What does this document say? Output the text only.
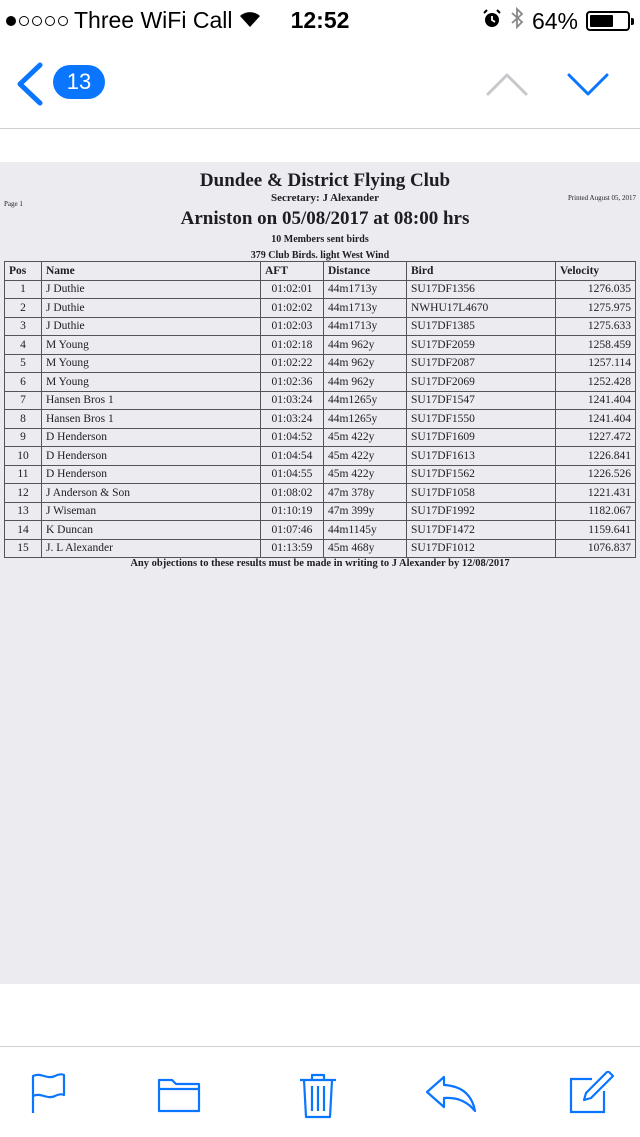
Three WiFi Call	12:52	64%
13
Page 1
Printed August 05, 2017
Dundee & District Flying Club
Secretary: J Alexander
Arniston on 05/08/2017 at 08:00 hrs
10 Members sent birds
379 Club Birds. light West Wind
Pos	Name	AFT	Distance	Bird	Velocity
1	J Duthie	01:02:01	44m1713y	SU17DF1356	1276.035
2	J Duthie	01:02:02	44m1713y	NWHU17L4670	1275.975
3	J Duthie	01:02:03	44m1713y	SU17DF1385	1275.633
4	M Young	01:02:18	44m 962y	SU17DF2059	1258.459
5	M Young	01:02:22	44m 962y	SU17DF2087	1257.114
6	M Young	01:02:36	44m 962y	SU17DF2069	1252.428
7	Hansen Bros 1	01:03:24	44m1265y	SU17DF1547	1241.404
8	Hansen Bros 1	01:03:24	44m1265y	SU17DF1550	1241.404
9	D Henderson	01:04:52	45m 422y	SU17DF1609	1227.472
10	D Henderson	01:04:54	45m 422y	SU17DF1613	1226.841
11	D Henderson	01:04:55	45m 422y	SU17DF1562	1226.526
12	J Anderson & Son	01:08:02	47m 378y	SU17DF1058	1221.431
13	J Wiseman	01:10:19	47m 399y	SU17DF1992	1182.067
14	K Duncan	01:07:46	44m1145y	SU17DF1472	1159.641
15	J. L Alexander	01:13:59	45m 468y	SU17DF1012	1076.837
Any objections to these results must be made in writing to J Alexander by 12/08/2017
